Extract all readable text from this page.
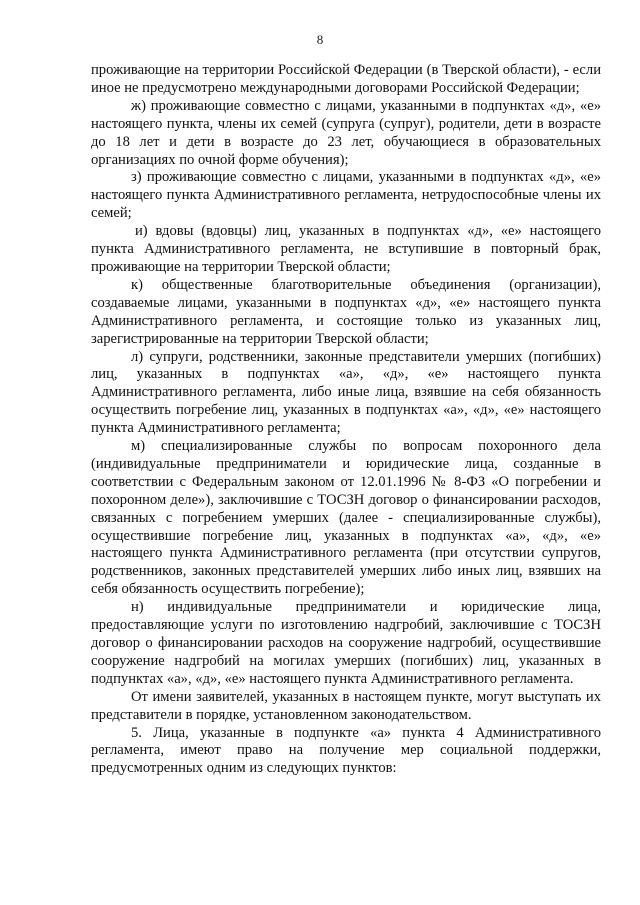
8

проживающие на территории Российской Федерации (в Тверской области), - если иное не предусмотрено международными договорами Российской Федерации;

ж) проживающие совместно с лицами, указанными в подпунктах «д», «е» настоящего пункта, члены их семей (супруга (супруг), родители, дети в возрасте до 18 лет и дети в возрасте до 23 лет, обучающиеся в образовательных организациях по очной форме обучения);

з) проживающие совместно с лицами, указанными в подпунктах «д», «е» настоящего пункта Административного регламента, нетрудоспособные члены их семей;

и) вдовы (вдовцы) лиц, указанных в подпунктах «д», «е» настоящего пункта Административного регламента, не вступившие в повторный брак, проживающие на территории Тверской области;

к) общественные благотворительные объединения (организации), создаваемые лицами, указанными в подпунктах «д», «е» настоящего пункта Административного регламента, и состоящие только из указанных лиц, зарегистрированные на территории Тверской области;

л) супруги, родственники, законные представители умерших (погибших) лиц, указанных в подпунктах «а», «д», «е» настоящего пункта Административного регламента, либо иные лица, взявшие на себя обязанность осуществить погребение лиц, указанных в подпунктах «а», «д», «е» настоящего пункта Административного регламента;

м) специализированные службы по вопросам похоронного дела (индивидуальные предприниматели и юридические лица, созданные в соответствии с Федеральным законом от 12.01.1996 № 8-ФЗ «О погребении и похоронном деле»), заключившие с ТОСЗН договор о финансировании расходов, связанных с погребением умерших (далее - специализированные службы), осуществившие погребение лиц, указанных в подпунктах «а», «д», «е» настоящего пункта Административного регламента (при отсутствии супругов, родственников, законных представителей умерших либо иных лиц, взявших на себя обязанность осуществить погребение);

н) индивидуальные предприниматели и юридические лица, предоставляющие услуги по изготовлению надгробий, заключившие с ТОСЗН договор о финансировании расходов на сооружение надгробий, осуществившие сооружение надгробий на могилах умерших (погибших) лиц, указанных в подпунктах «а», «д», «е» настоящего пункта Административного регламента.

От имени заявителей, указанных в настоящем пункте, могут выступать их представители в порядке, установленном законодательством.

5. Лица, указанные в подпункте «а» пункта 4 Административного регламента, имеют право на получение мер социальной поддержки, предусмотренных одним из следующих пунктов:
